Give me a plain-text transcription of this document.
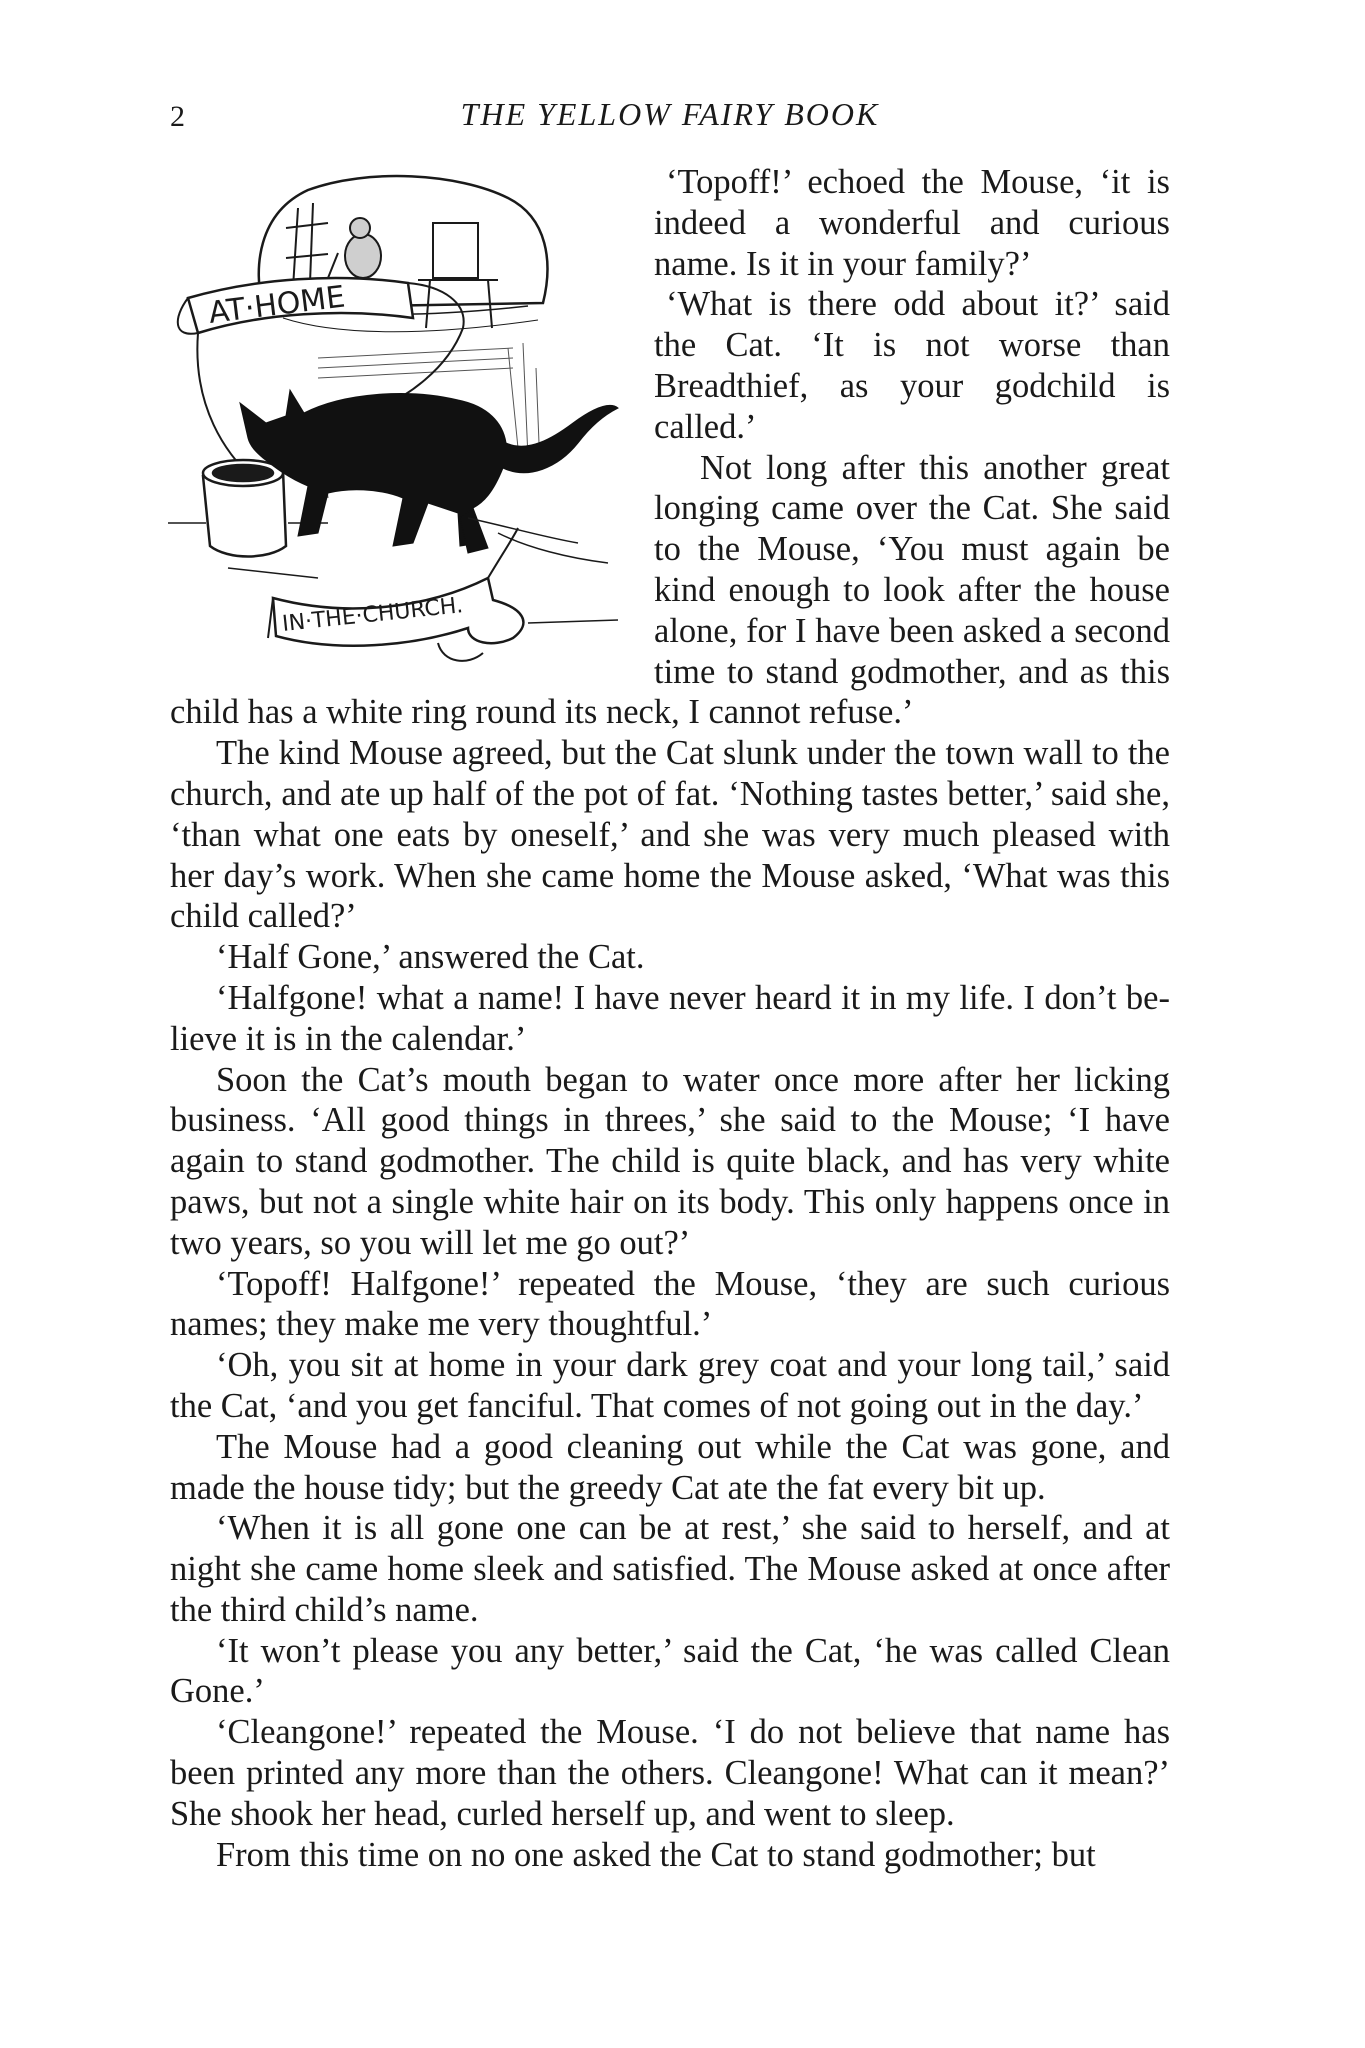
2	THE YELLOW FAIRY BOOK
AT·HOME
IN·THE·CHURCH.

‘Topoff!’ echoed the Mouse, ‘it is indeed a wonderful and curious name. Is it in your family?’

‘What is there odd about it?’ said the Cat. ‘It is not worse than Breadthief, as your godchild is called.’

Not long after this another great longing came over the Cat. She said to the Mouse, ‘You must again be kind enough to look after the house alone, for I have been asked a second time to stand godmother, and as this child has a white ring round its neck, I cannot refuse.’

The kind Mouse agreed, but the Cat slunk under the town wall to the church, and ate up half of the pot of fat. ‘Nothing tastes better,’ said she, ‘than what one eats by oneself,’ and she was very much pleased with her day’s work. When she came home the Mouse asked, ‘What was this child called?’

‘Half Gone,’ answered the Cat.

‘Halfgone! what a name! I have never heard it in my life. I don’t believe it is in the calendar.’

Soon the Cat’s mouth began to water once more after her licking business. ‘All good things in threes,’ she said to the Mouse; ‘I have again to stand godmother. The child is quite black, and has very white paws, but not a single white hair on its body. This only happens once in two years, so you will let me go out?’

‘Topoff! Halfgone!’ repeated the Mouse, ‘they are such curious names; they make me very thoughtful.’

‘Oh, you sit at home in your dark grey coat and your long tail,’ said the Cat, ‘and you get fanciful. That comes of not going out in the day.’

The Mouse had a good cleaning out while the Cat was gone, and made the house tidy; but the greedy Cat ate the fat every bit up.

‘When it is all gone one can be at rest,’ she said to herself, and at night she came home sleek and satisfied. The Mouse asked at once after the third child’s name.

‘It won’t please you any better,’ said the Cat, ‘he was called Clean Gone.’

‘Cleangone!’ repeated the Mouse. ‘I do not believe that name has been printed any more than the others. Cleangone! What can it mean?’ She shook her head, curled herself up, and went to sleep.

From this time on no one asked the Cat to stand godmother; but
